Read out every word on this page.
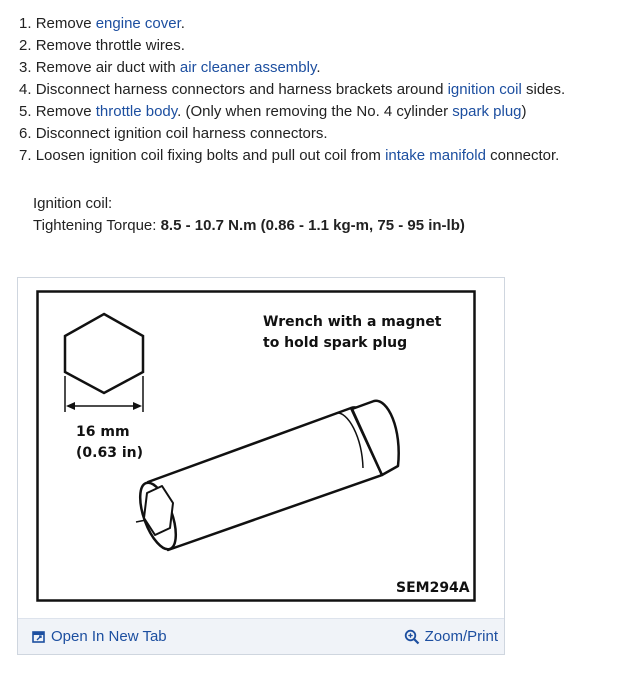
1. Remove engine cover.
2. Remove throttle wires.
3. Remove air duct with air cleaner assembly.
4. Disconnect harness connectors and harness brackets around ignition coil sides.
5. Remove throttle body. (Only when removing the No. 4 cylinder spark plug)
6. Disconnect ignition coil harness connectors.
7. Loosen ignition coil fixing bolts and pull out coil from intake manifold connector.
Ignition coil:
Tightening Torque: 8.5 - 10.7 N.m (0.86 - 1.1 kg-m, 75 - 95 in-lb)
16 mm
(0.63 in)
Wrench with a magnet
to hold spark plug
SEM294A
Open In New Tab	Zoom/Print
